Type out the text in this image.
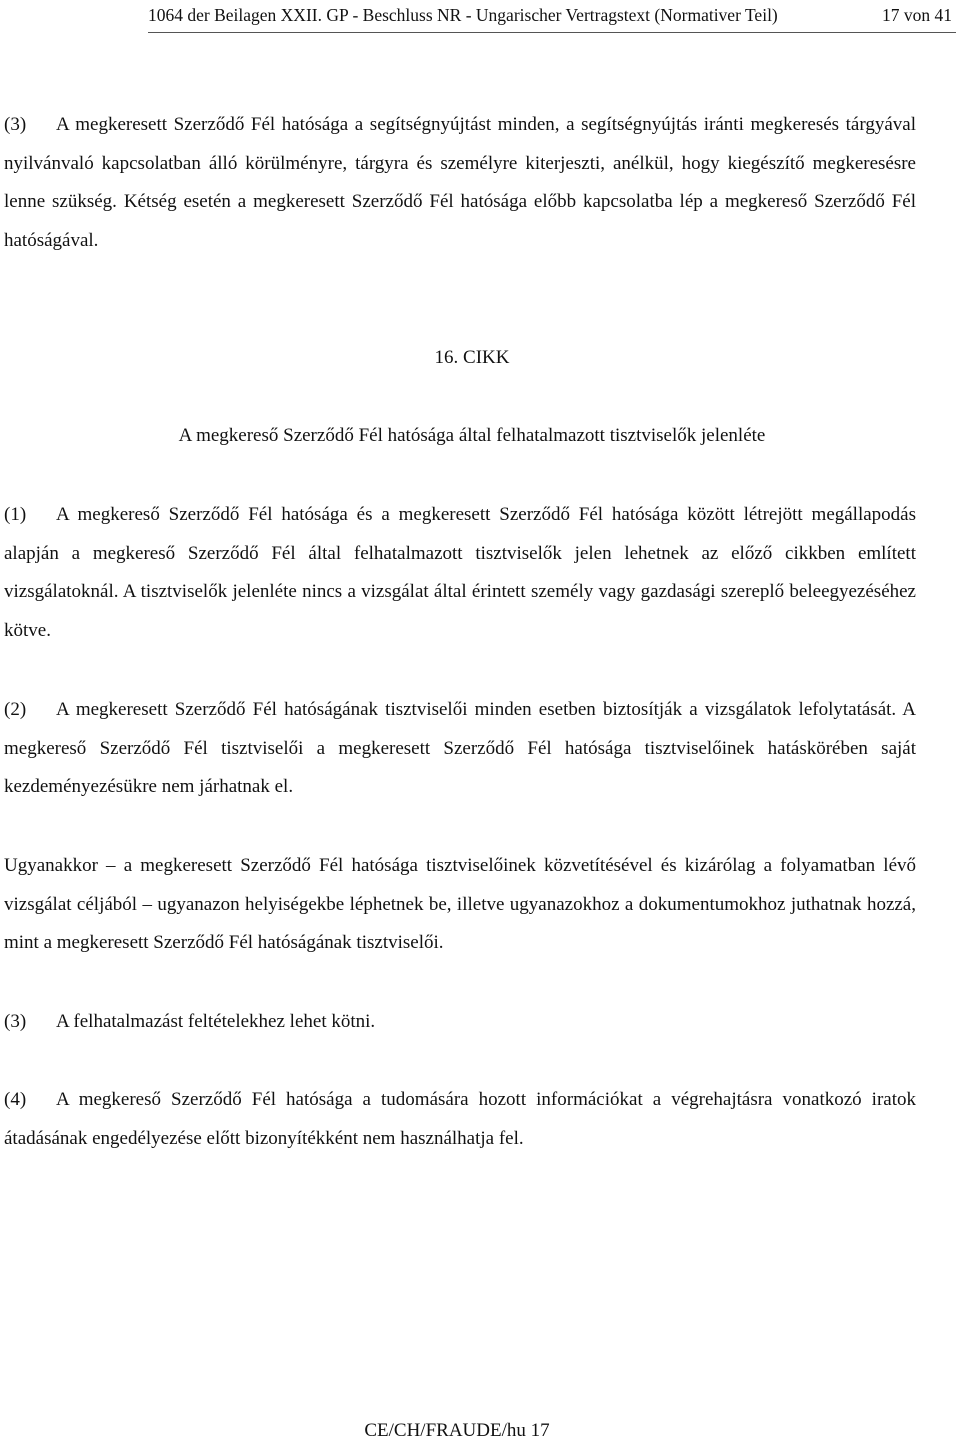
1064 der Beilagen XXII. GP - Beschluss NR - Ungarischer Vertragstext (Normativer Teil)	17 von 41

(3) A megkeresett Szerződő Fél hatósága a segítségnyújtást minden, a segítségnyújtás iránti megkeresés tárgyával nyilvánvaló kapcsolatban álló körülményre, tárgyra és személyre kiterjeszti, anélkül, hogy kiegészítő megkeresésre lenne szükség. Kétség esetén a megkeresett Szerződő Fél hatósága előbb kapcsolatba lép a megkereső Szerződő Fél hatóságával.

16. CIKK

A megkereső Szerződő Fél hatósága által felhatalmazott tisztviselők jelenléte

(1) A megkereső Szerződő Fél hatósága és a megkeresett Szerződő Fél hatósága között létrejött megállapodás alapján a megkereső Szerződő Fél által felhatalmazott tisztviselők jelen lehetnek az előző cikkben említett vizsgálatoknál. A tisztviselők jelenléte nincs a vizsgálat által érintett személy vagy gazdasági szereplő beleegyezéséhez kötve.

(2) A megkeresett Szerződő Fél hatóságának tisztviselői minden esetben biztosítják a vizsgálatok lefolytatását. A megkereső Szerződő Fél tisztviselői a megkeresett Szerződő Fél hatósága tisztviselőinek hatáskörében saját kezdeményezésükre nem járhatnak el.

Ugyanakkor – a megkeresett Szerződő Fél hatósága tisztviselőinek közvetítésével és kizárólag a folyamatban lévő vizsgálat céljából – ugyanazon helyiségekbe léphetnek be, illetve ugyanazokhoz a dokumentumokhoz juthatnak hozzá, mint a megkeresett Szerződő Fél hatóságának tisztviselői.

(3) A felhatalmazást feltételekhez lehet kötni.

(4) A megkereső Szerződő Fél hatósága a tudomására hozott információkat a végrehajtásra vonatkozó iratok átadásának engedélyezése előtt bizonyítékként nem használhatja fel.

CE/CH/FRAUDE/hu 17
